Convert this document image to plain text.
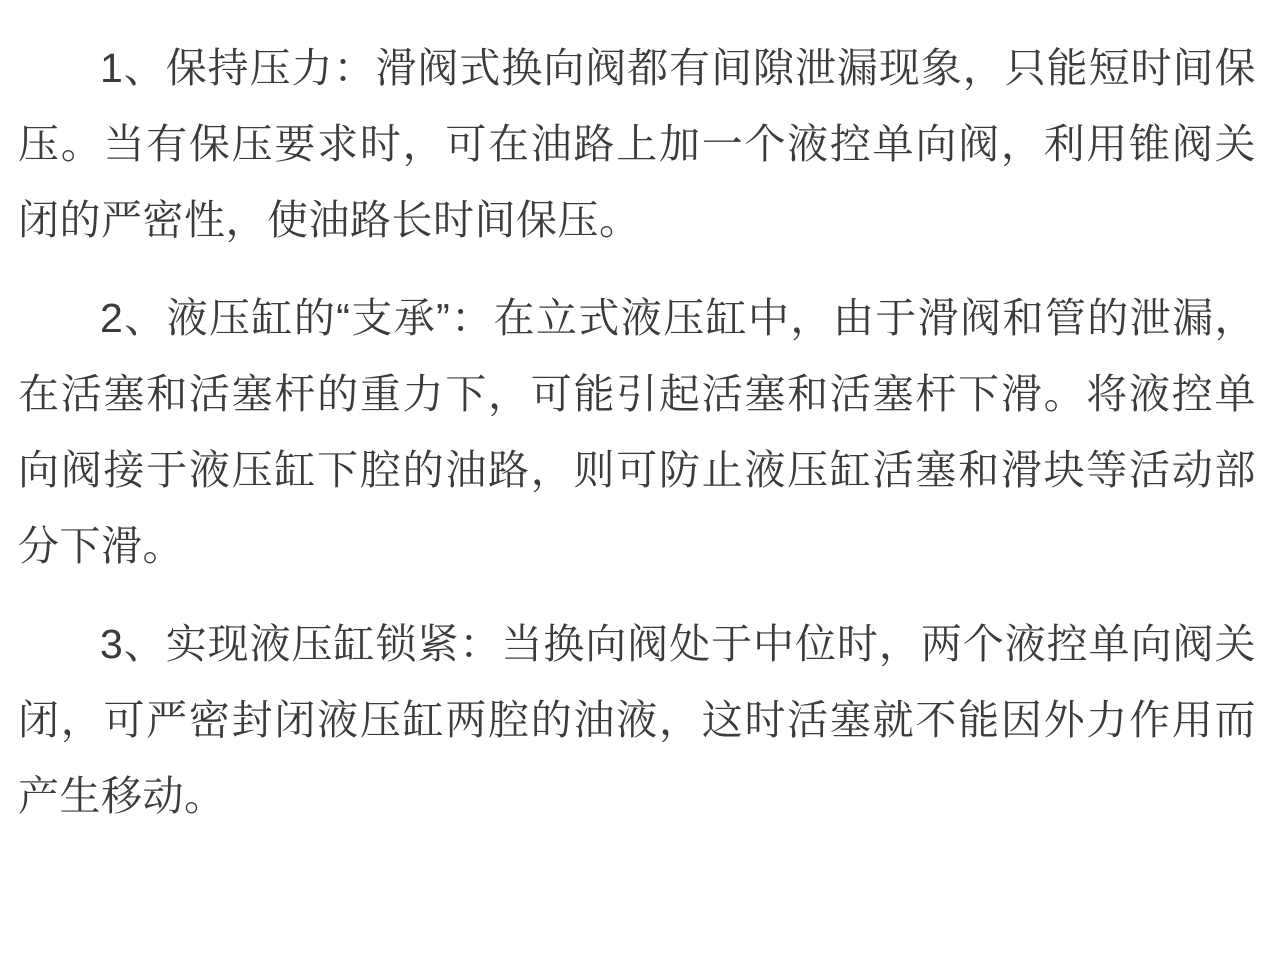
1、保持压力：滑阀式换向阀都有间隙泄漏现象，只能短时间保压。当有保压要求时，可在油路上加一个液控单向阀，利用锥阀关闭的严密性，使油路长时间保压。

2、液压缸的“支承”：在立式液压缸中，由于滑阀和管的泄漏，在活塞和活塞杆的重力下，可能引起活塞和活塞杆下滑。将液控单向阀接于液压缸下腔的油路，则可防止液压缸活塞和滑块等活动部分下滑。

3、实现液压缸锁紧：当换向阀处于中位时，两个液控单向阀关闭，可严密封闭液压缸两腔的油液，这时活塞就不能因外力作用而产生移动。
